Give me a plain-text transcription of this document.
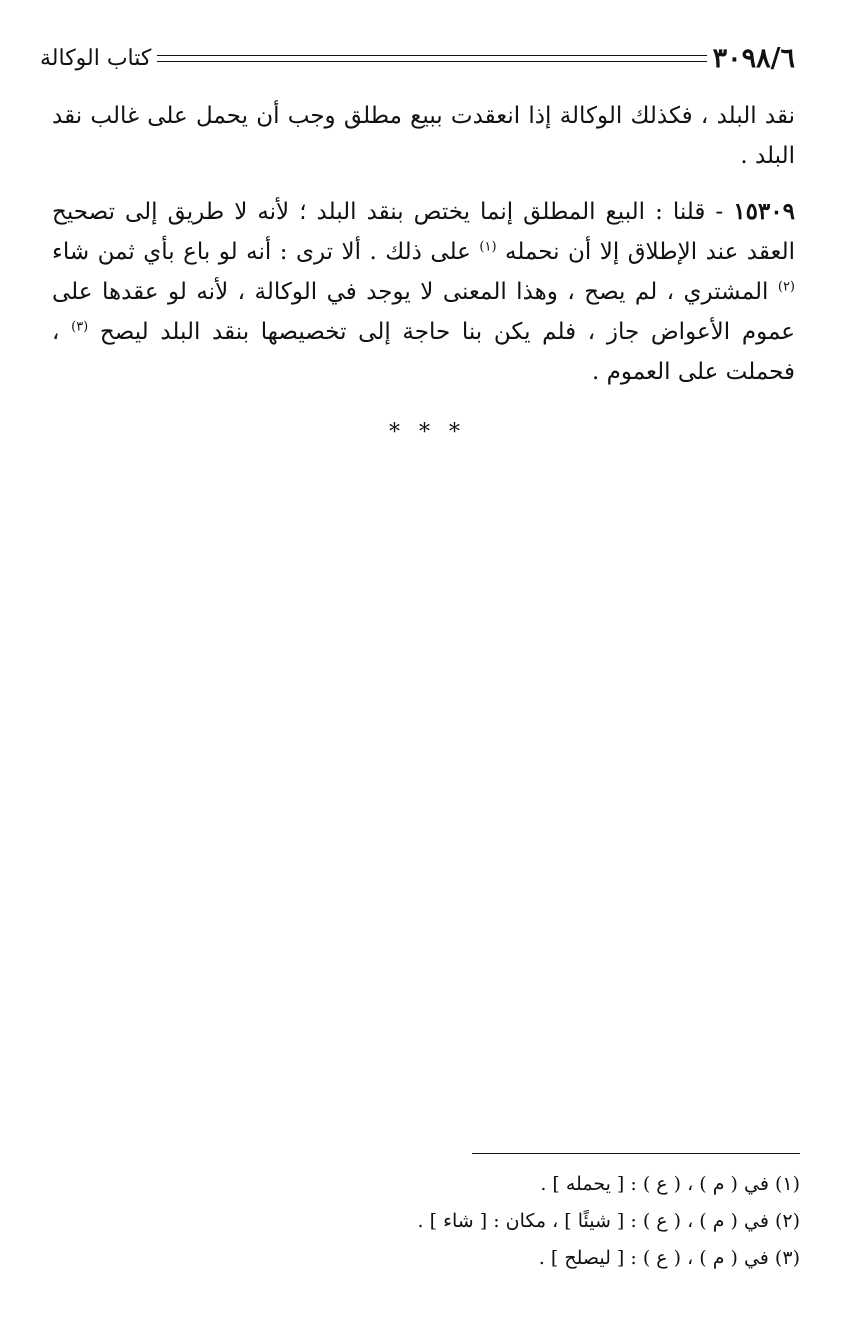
٣٠٩٨/٦
كتاب الوكالة

نقد البلد ، فكذلك الوكالة إذا انعقدت ببيع مطلق وجب أن يحمل على غالب نقد البلد .

١٥٣٠٩ - قلنا : البيع المطلق إنما يختص بنقد البلد ؛ لأنه لا طريق إلى تصحيح العقد عند الإطلاق إلا أن نحمله $^{(١)}$ على ذلك . ألا ترى : أنه لو باع بأي ثمن شاء $^{(٢)}$ المشتري ، لم يصح ، وهذا المعنى لا يوجد في الوكالة ، لأنه لو عقدها على عموم الأعواض جاز ، فلم يكن بنا حاجة إلى تخصيصها بنقد البلد ليصح $^{(٣)}$ ، فحملت على العموم .

* * *

(١) في ( م ) ، ( ع ) : [ يحمله ] .

(٢) في ( م ) ، ( ع ) : [ شيئًا ] ، مكان : [ شاء ] .

(٣) في ( م ) ، ( ع ) : [ ليصلح ] .
